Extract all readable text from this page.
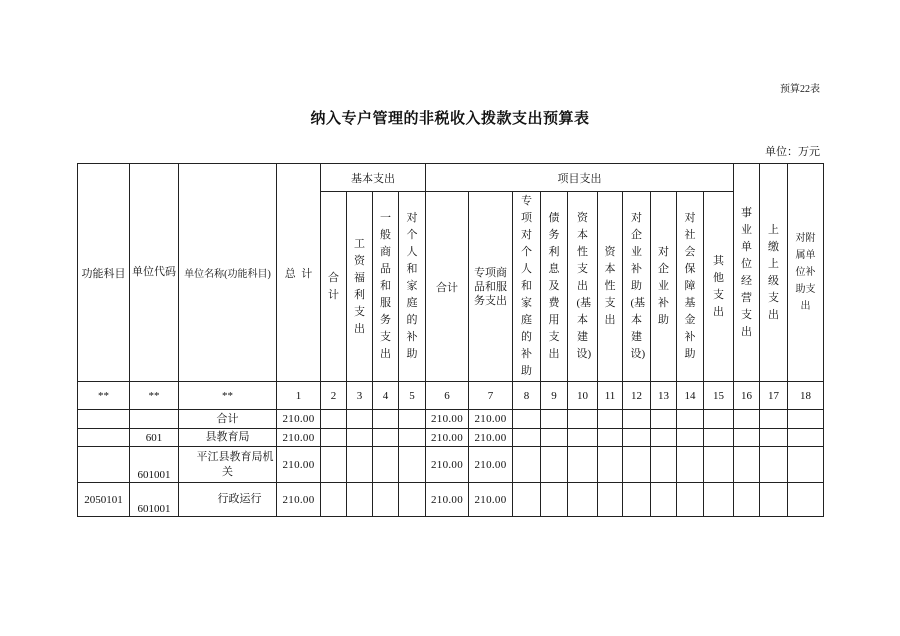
预算22表
纳入专户管理的非税收入拨款支出预算表
单位：万元
功能科目	单位代码	单位名称(功能科目)	总  计	基本支出				项目支出										事业单位经营支出	上缴上级支出	对附属单位补助支出
				合计	工资福利支出	一般商品和服务支出	对个人和家庭的补助	合计	专项商品和服务支出	专项对个人和家庭的补助	债务利息及费用支出	资本性支出(基本建设)	资本性支出	对企业补助(基本建设)	对企业补助	对社会保障基金补助	其他支出			
**	**	**	1	2	3	4	5	6	7	8	9	10	11	12	13	14	15	16	17	18
		合计	210.00					210.00	210.00											
	601	县教育局	210.00					210.00	210.00											
	601001	平江县教育局机关	210.00					210.00	210.00											
2050101	601001	行政运行	210.00					210.00	210.00											
